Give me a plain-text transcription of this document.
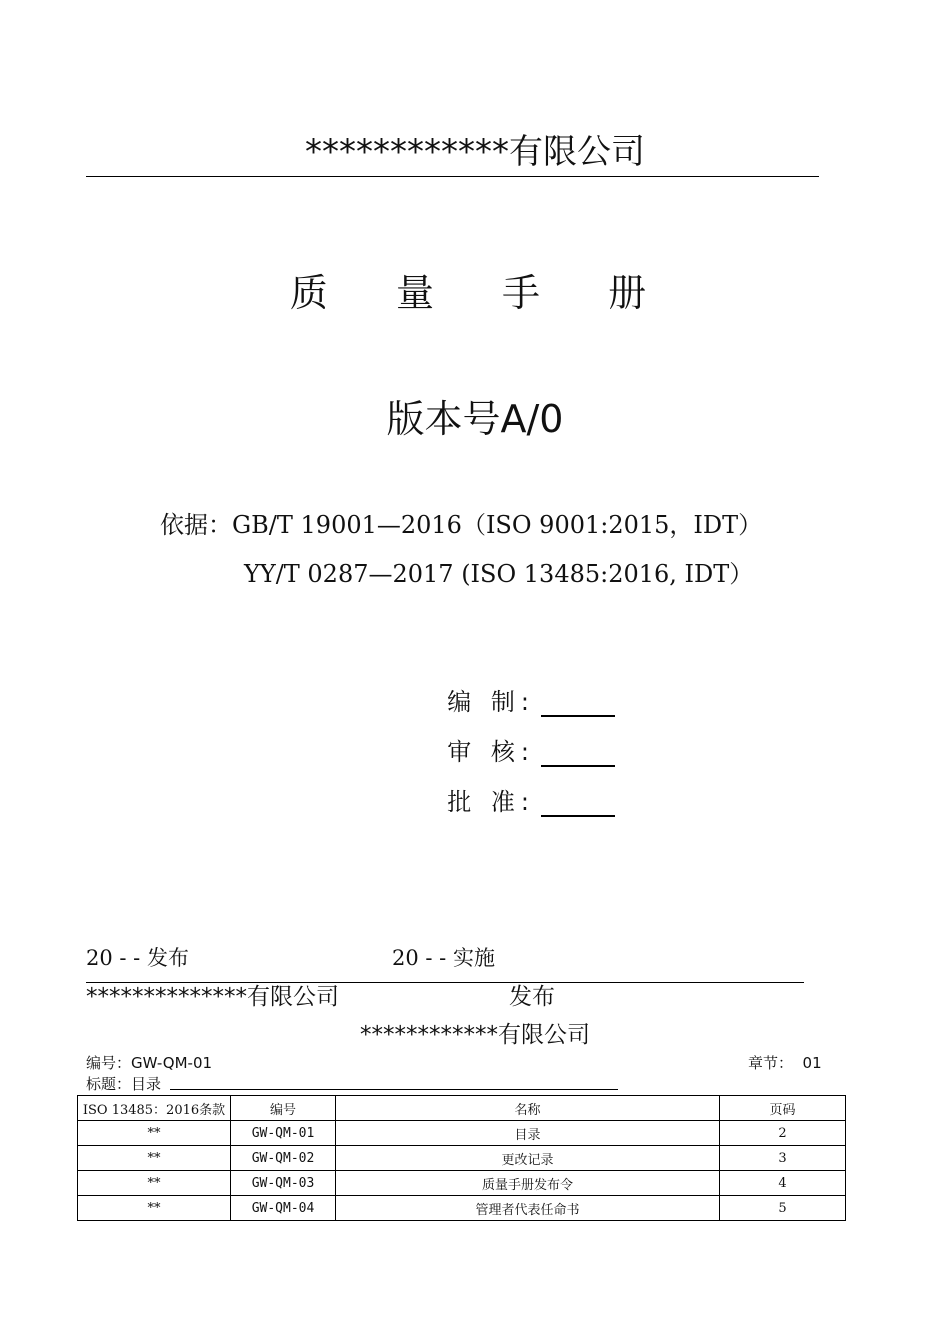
************有限公司
质 量 手 册
版本号A/0
依据：GB/T 19001—2016（ISO 9001:2015，IDT）
YY/T 0287—2017 (ISO 13485:2016, IDT）

编 制:

审 核:

批 准:

20 - - 发布	20 - - 实施
**************有限公司	发布
************有限公司
编号：GW-QM-01	章节：  01
标题：目录
ISO 13485：2016条款	编号	名称	页码
**	GW-QM-01	目录	2
**	GW-QM-02	更改记录	3
**	GW-QM-03	质量手册发布令	4
**	GW-QM-04	管理者代表任命书	5
